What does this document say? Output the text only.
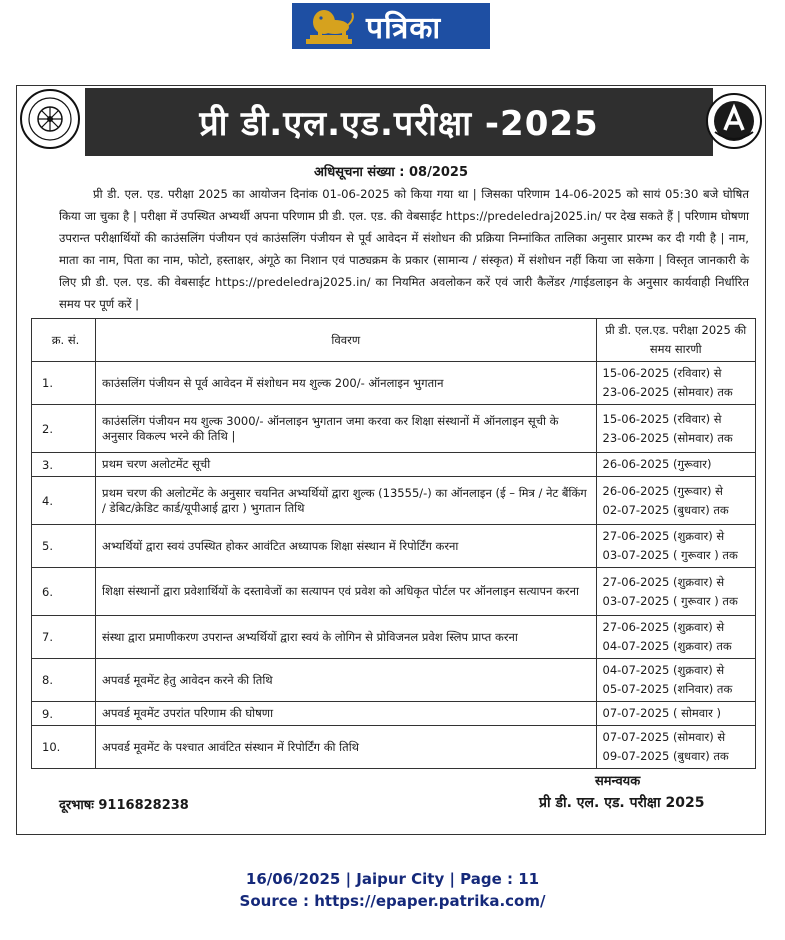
पत्रिका
प्री डी.एल.एड.परीक्षा -2025
अधिसूचना संख्या : 08/2025

प्री डी. एल. एड. परीक्षा 2025 का आयोजन दिनांक 01-06-2025 को किया गया था | जिसका परिणाम 14-06-2025 को सायं 05:30 बजे घोषित किया जा चुका है | परीक्षा में उपस्थित अभ्यर्थी अपना परिणाम प्री डी. एल. एड. की वेबसाईट https://predeledraj2025.in/ पर देख सकते हैं | परिणाम घोषणा उपरान्त परीक्षार्थियों की काउंसलिंग पंजीयन एवं काउंसलिंग पंजीयन से पूर्व आवेदन में संशोधन की प्रक्रिया निम्नांकित तालिका अनुसार प्रारम्भ कर दी गयी है | नाम, माता का नाम, पिता का नाम, फोटो, हस्ताक्षर, अंगूठे का निशान एवं पाठ्यक्रम के प्रकार (सामान्य / संस्कृत) में संशोधन नहीं किया जा सकेगा | विस्तृत जानकारी के लिए प्री डी. एल. एड. की वेबसाईट https://predeledraj2025.in/ का नियमित अवलोकन करें एवं जारी कैलेंडर /गाईडलाइन के अनुसार कार्यवाही निर्धारित समय पर पूर्ण करें |

क्र. सं.	विवरण	प्री डी. एल.एड. परीक्षा 2025 की समय सारणी
1.	काउंसलिंग पंजीयन से पूर्व आवेदन में संशोधन मय शुल्क 200/- ऑनलाइन भुगतान	15-06-2025 (रविवार) से
23-06-2025 (सोमवार) तक
2.	काउंसलिंग पंजीयन मय शुल्क 3000/- ऑनलाइन भुगतान जमा करवा कर शिक्षा संस्थानों में ऑनलाइन सूची के अनुसार विकल्प भरने की तिथि |	15-06-2025 (रविवार) से
23-06-2025 (सोमवार) तक
3.	प्रथम चरण अलोटमेंट सूची	26-06-2025 (गुरूवार)
4.	प्रथम चरण की अलोटमेंट के अनुसार चयनित अभ्यर्थियों द्वारा शुल्क (13555/-) का ऑनलाइन (ई – मित्र / नेट बैंकिंग / डेबिट/क्रेडिट कार्ड/यूपीआई द्वारा ) भुगतान तिथि	26-06-2025 (गुरूवार) से
02-07-2025 (बुधवार) तक
5.	अभ्यर्थियों द्वारा स्वयं उपस्थित होकर आवंटित अध्यापक शिक्षा संस्थान में रिपोर्टिंग करना	27-06-2025 (शुक्रवार) से
03-07-2025 ( गुरूवार ) तक
6.	शिक्षा संस्थानों द्वारा प्रवेशार्थियों के दस्तावेजों का सत्यापन एवं प्रवेश को अधिकृत पोर्टल पर ऑनलाइन सत्यापन करना	27-06-2025 (शुक्रवार) से
03-07-2025 ( गुरूवार ) तक
7.	संस्था द्वारा प्रमाणीकरण उपरान्त अभ्यर्थियों द्वारा स्वयं के लोगिन से प्रोविजनल प्रवेश स्लिप प्राप्त करना	27-06-2025 (शुक्रवार) से
04-07-2025 (शुक्रवार) तक
8.	अपवर्ड मूवमेंट हेतु आवेदन करने की तिथि	04-07-2025 (शुक्रवार) से
05-07-2025 (शनिवार) तक
9.	अपवर्ड मूवमेंट उपरांत परिणाम की घोषणा	07-07-2025 ( सोमवार )
10.	अपवर्ड मूवमेंट के पश्चात आवंटित संस्थान में रिपोर्टिंग की तिथि	07-07-2025 (सोमवार) से
09-07-2025 (बुधवार) तक
समन्वयक
दूरभाषः 9116828238	प्री डी. एल. एड. परीक्षा 2025
16/06/2025 | Jaipur City | Page : 11
Source : https://epaper.patrika.com/
